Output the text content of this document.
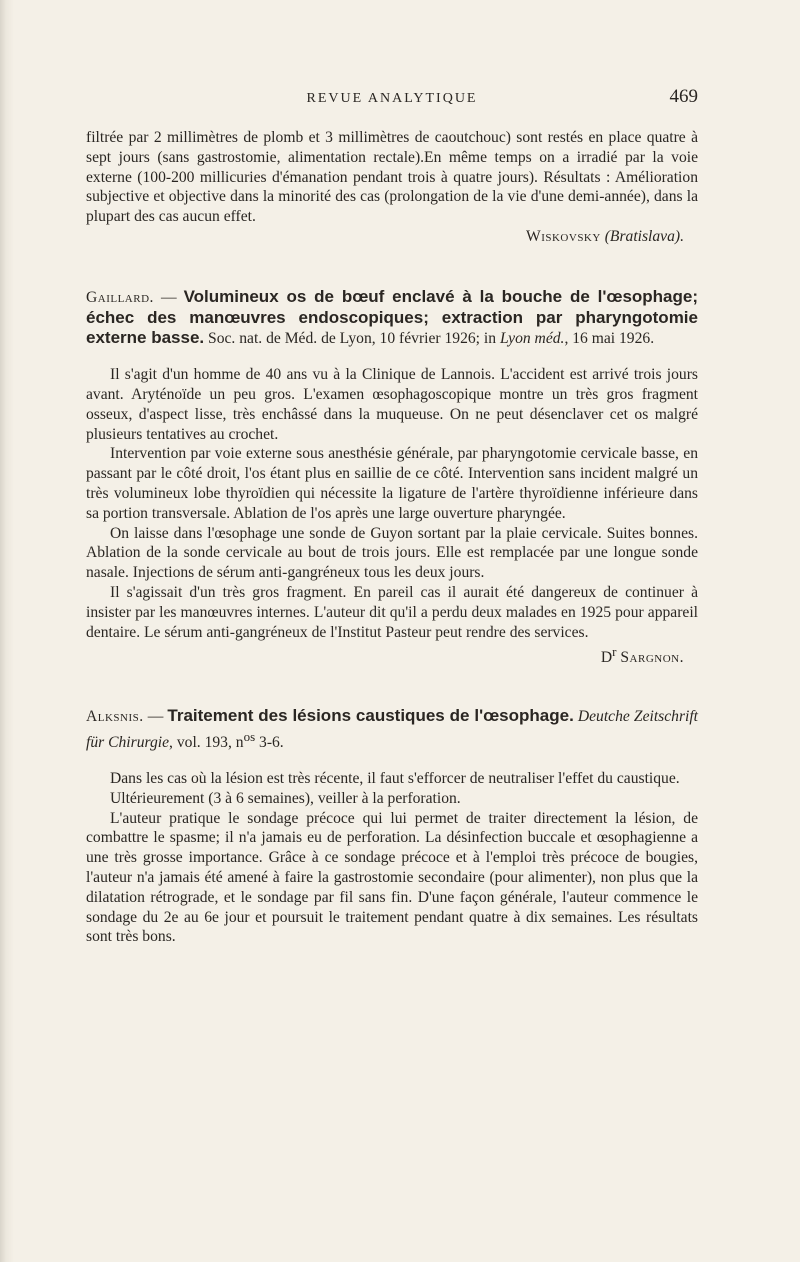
REVUE ANALYTIQUE	469

filtrée par 2 millimètres de plomb et 3 millimètres de caoutchouc) sont restés en place quatre à sept jours (sans gastrostomie, alimentation rectale).En même temps on a irradié par la voie externe (100-200 millicuries d'émanation pendant trois à quatre jours). Résultats : Amélioration subjective et objective dans la minorité des cas (prolongation de la vie d'une demi-année), dans la plupart des cas aucun effet.

Wiskovsky (Bratislava).

Gaillard. — Volumineux os de bœuf enclavé à la bouche de l'œsophage; échec des manœuvres endoscopiques; extraction par pharyngotomie externe basse. Soc. nat. de Méd. de Lyon, 10 février 1926; in Lyon méd., 16 mai 1926.

Il s'agit d'un homme de 40 ans vu à la Clinique de Lannois. L'accident est arrivé trois jours avant. Aryténoïde un peu gros. L'examen œsophagoscopique montre un très gros fragment osseux, d'aspect lisse, très enchâssé dans la muqueuse. On ne peut désenclaver cet os malgré plusieurs tentatives au crochet.

Intervention par voie externe sous anesthésie générale, par pharyngotomie cervicale basse, en passant par le côté droit, l'os étant plus en saillie de ce côté. Intervention sans incident malgré un très volumineux lobe thyroïdien qui nécessite la ligature de l'artère thyroïdienne inférieure dans sa portion transversale. Ablation de l'os après une large ouverture pharyngée.

On laisse dans l'œsophage une sonde de Guyon sortant par la plaie cervicale. Suites bonnes. Ablation de la sonde cervicale au bout de trois jours. Elle est remplacée par une longue sonde nasale. Injections de sérum anti-gangréneux tous les deux jours.

Il s'agissait d'un très gros fragment. En pareil cas il aurait été dangereux de continuer à insister par les manœuvres internes. L'auteur dit qu'il a perdu deux malades en 1925 pour appareil dentaire. Le sérum anti-gangréneux de l'Institut Pasteur peut rendre des services.

$D^r$ Sargnon.

Alksnis. — Traitement des lésions caustiques de l'œsophage. Deutche Zeitschrift für Chirurgie, vol. 193, $n^{os}$ 3-6.

Dans les cas où la lésion est très récente, il faut s'efforcer de neutraliser l'effet du caustique.

Ultérieurement (3 à 6 semaines), veiller à la perforation.

L'auteur pratique le sondage précoce qui lui permet de traiter directement la lésion, de combattre le spasme; il n'a jamais eu de perforation. La désinfection buccale et œsophagienne a une très grosse importance. Grâce à ce sondage précoce et à l'emploi très précoce de bougies, l'auteur n'a jamais été amené à faire la gastrostomie secondaire (pour alimenter), non plus que la dilatation rétrograde, et le sondage par fil sans fin. D'une façon générale, l'auteur commence le sondage du 2e au 6e jour et poursuit le traitement pendant quatre à dix semaines. Les résultats sont très bons.
